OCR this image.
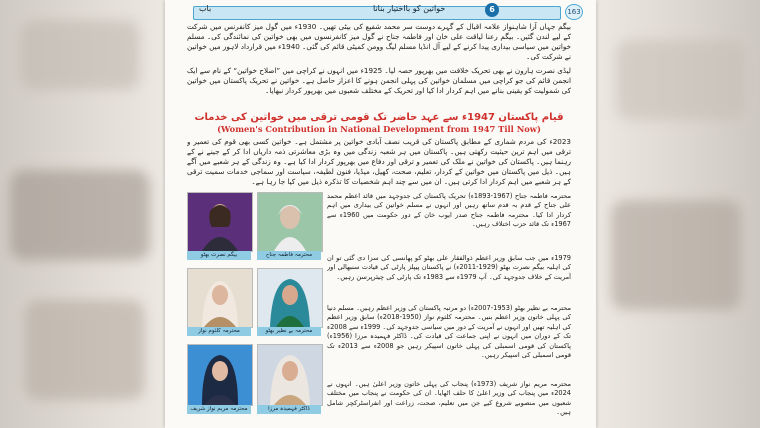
باب	6
خواتین کو بااختیار بنانا	163
بیگم جہاں آرا شاہنواز علامہ اقبال کے گہرے دوست سر محمد شفیع کی بیٹی تھیں۔ 1930ء میں گول میز کانفرنس میں شرکت کے لیے لندن گئیں۔ بیگم رعنا لیاقت علی خان اور فاطمہ جناح نے گول میز کانفرنسوں میں بھی خواتین کی نمائندگی کی۔ مسلم خواتین میں سیاسی بیداری پیدا کرنے کے لیے آل انڈیا مسلم لیگ وومن کمیٹی قائم کی گئی۔ 1940ء میں قرارداد لاہور میں خواتین نے شرکت کی۔
لیڈی نصرت ہارون نے بھی تحریک خلافت میں بھرپور حصہ لیا۔ 1925ء میں انہوں نے کراچی میں ”اصلاح خواتین“ کے نام سے ایک انجمن قائم کی جو کراچی میں مسلمان خواتین کی پہلی انجمن ہونے کا اعزاز حاصل ہے۔ خواتین نے تحریک پاکستان میں خواتین کی شمولیت کو یقینی بنانے میں اہم کردار ادا کیا اور تحریک کے مختلف شعبوں میں بھرپور کردار نبھایا۔
قیام پاکستان 1947ء سے عہد حاضر تک قومی ترقی میں خواتین کی خدمات
(Women's Contribution in National Development from 1947 Till Now)
2023ء کی مردم شماری کے مطابق پاکستان کی قریب نصف آبادی خواتین پر مشتمل ہے۔ خواتین کسی بھی قوم کی تعمیر و ترقی میں اہم ترین حیثیت رکھتی ہیں۔ پاکستان میں ہر شعبہ زندگی میں وہ بڑی معاشرتی ذمہ داریاں ادا کر کے جینے نے کے رہنما ہیں۔ پاکستان کی خواتین نے ملک کی تعمیر و ترقی اور دفاع میں بھرپور کردار ادا کیا ہے۔ وہ زندگی کے ہر شعبے میں آگے ہیں۔ ذیل میں پاکستان میں خواتین کے کردار، تعلیم، صحت، کھیل، میڈیا، فنون لطیفہ، سیاست اور سماجی خدمات سمیت ترقی کے ہر شعبے میں اہم کردار ادا کرتی ہیں۔ ان میں سے چند اہم شخصیات کا تذکرہ ذیل میں کیا جا رہا ہے۔
محترمہ فاطمہ جناح
بیگم نصرت بھٹو
محترمہ بے نظیر بھٹو
محترمہ کلثوم نواز
ڈاکٹر فہمیدہ مرزا
محترمہ مریم نواز شریف
محترمہ فاطمہ جناح (1967-1893ء) تحریک پاکستان کی جدوجہد میں قائد اعظم محمد علی جناح کے قدم بہ قدم ساتھ رہیں اور انہوں نے مسلم خواتین کی بیداری میں اہم کردار ادا کیا۔ محترمہ فاطمہ جناح صدر ایوب خان کے دور حکومت میں 1960ء سے 1967ء تک قائد حزب اختلاف رہیں۔
1979ء میں جب سابق وزیر اعظم ذوالفقار علی بھٹو کو پھانسی کی سزا دی گئی تو ان کی اہلیہ بیگم نصرت بھٹو (1929-2011ء) نے پاکستان پیپلز پارٹی کی قیادت سنبھالی اور آمریت کے خلاف جدوجہد کی۔ آپ 1979ء سے 1983ء تک پارٹی کی چیئرپرسن رہیں۔
محترمہ بے نظیر بھٹو (1953-2007ء) دو مرتبہ پاکستان کی وزیر اعظم رہیں۔ مسلم دنیا کی پہلی خاتون وزیر اعظم بنیں۔ محترمہ کلثوم نواز (1950-2018ء) سابق وزیر اعظم کی اہلیہ تھیں اور انہوں نے آمریت کے دور میں سیاسی جدوجہد کی۔ 1999ء سے 2008ء تک کے دوران میں انہوں نے اپنی جماعت کی قیادت کی۔ ڈاکٹر فہمیدہ مرزا (1956ء) پاکستان کی قومی اسمبلی کی پہلی خاتون اسپیکر رہیں جو 2008ء سے 2013ء تک قومی اسمبلی کی اسپیکر رہیں۔
محترمہ مریم نواز شریف (1973ء) پنجاب کی پہلی خاتون وزیر اعلیٰ ہیں۔ انہوں نے 2024ء میں پنجاب کی وزیر اعلیٰ کا حلف اٹھایا۔ ان کی حکومت نے پنجاب میں مختلف شعبوں میں منصوبے شروع کیے جن میں تعلیم، صحت، زراعت اور انفراسٹرکچر شامل ہیں۔
